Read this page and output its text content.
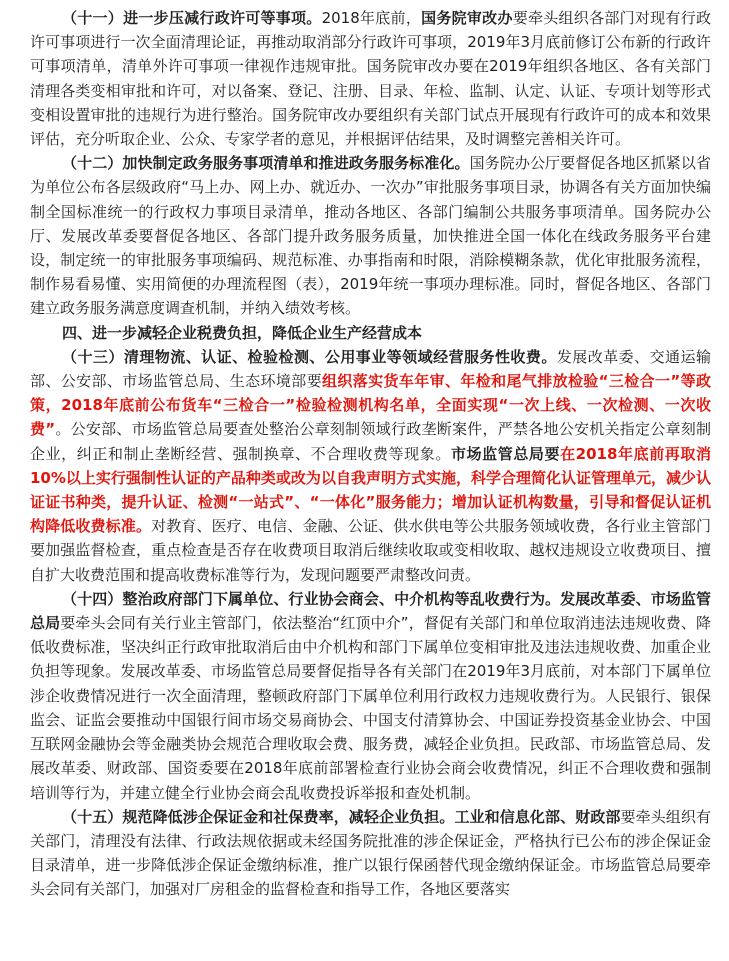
（十一）进一步压减行政许可等事项。2018年底前，国务院审改办要牵头组织各部门对现有行政许可事项进行一次全面清理论证，再推动取消部分行政许可事项，2019年3月底前修订公布新的行政许可事项清单，清单外许可事项一律视作违规审批。国务院审改办要在2019年组织各地区、各有关部门清理各类变相审批和许可，对以备案、登记、注册、目录、年检、监制、认定、认证、专项计划等形式变相设置审批的违规行为进行整治。国务院审改办要组织有关部门试点开展现有行政许可的成本和效果评估，充分听取企业、公众、专家学者的意见，并根据评估结果，及时调整完善相关许可。

（十二）加快制定政务服务事项清单和推进政务服务标准化。国务院办公厅要督促各地区抓紧以省为单位公布各层级政府“马上办、网上办、就近办、一次办”审批服务事项目录，协调各有关方面加快编制全国标准统一的行政权力事项目录清单，推动各地区、各部门编制公共服务事项清单。国务院办公厅、发展改革委要督促各地区、各部门提升政务服务质量，加快推进全国一体化在线政务服务平台建设，制定统一的审批服务事项编码、规范标准、办事指南和时限，消除模糊条款，优化审批服务流程，制作易看易懂、实用简便的办理流程图（表），2019年统一事项办理标准。同时，督促各地区、各部门建立政务服务满意度调查机制，并纳入绩效考核。

四、进一步减轻企业税费负担，降低企业生产经营成本

（十三）清理物流、认证、检验检测、公用事业等领域经营服务性收费。发展改革委、交通运输部、公安部、市场监管总局、生态环境部要组织落实货车年审、年检和尾气排放检验“三检合一”等政策，2018年底前公布货车“三检合一”检验检测机构名单，全面实现“一次上线、一次检测、一次收费”。公安部、市场监管总局要查处整治公章刻制领域行政垄断案件，严禁各地公安机关指定公章刻制企业，纠正和制止垄断经营、强制换章、不合理收费等现象。市场监管总局要在2018年底前再取消10%以上实行强制性认证的产品种类或改为以自我声明方式实施，科学合理简化认证管理单元，减少认证证书种类，提升认证、检测“一站式”、“一体化”服务能力；增加认证机构数量，引导和督促认证机构降低收费标准。对教育、医疗、电信、金融、公证、供水供电等公共服务领域收费，各行业主管部门要加强监督检查，重点检查是否存在收费项目取消后继续收取或变相收取、越权违规设立收费项目、擅自扩大收费范围和提高收费标准等行为，发现问题要严肃整改问责。

（十四）整治政府部门下属单位、行业协会商会、中介机构等乱收费行为。发展改革委、市场监管总局要牵头会同有关行业主管部门，依法整治“红顶中介”，督促有关部门和单位取消违法违规收费、降低收费标准，坚决纠正行政审批取消后由中介机构和部门下属单位变相审批及违法违规收费、加重企业负担等现象。发展改革委、市场监管总局要督促指导各有关部门在2019年3月底前，对本部门下属单位涉企收费情况进行一次全面清理，整顿政府部门下属单位利用行政权力违规收费行为。人民银行、银保监会、证监会要推动中国银行间市场交易商协会、中国支付清算协会、中国证券投资基金业协会、中国互联网金融协会等金融类协会规范合理收取会费、服务费，减轻企业负担。民政部、市场监管总局、发展改革委、财政部、国资委要在2018年底前部署检查行业协会商会收费情况，纠正不合理收费和强制培训等行为，并建立健全行业协会商会乱收费投诉举报和查处机制。

（十五）规范降低涉企保证金和社保费率，减轻企业负担。工业和信息化部、财政部要牵头组织有关部门，清理没有法律、行政法规依据或未经国务院批准的涉企保证金，严格执行已公布的涉企保证金目录清单，进一步降低涉企保证金缴纳标准，推广以银行保函替代现金缴纳保证金。市场监管总局要牵头会同有关部门，加强对厂房租金的监督检查和指导工作，各地区要落实
